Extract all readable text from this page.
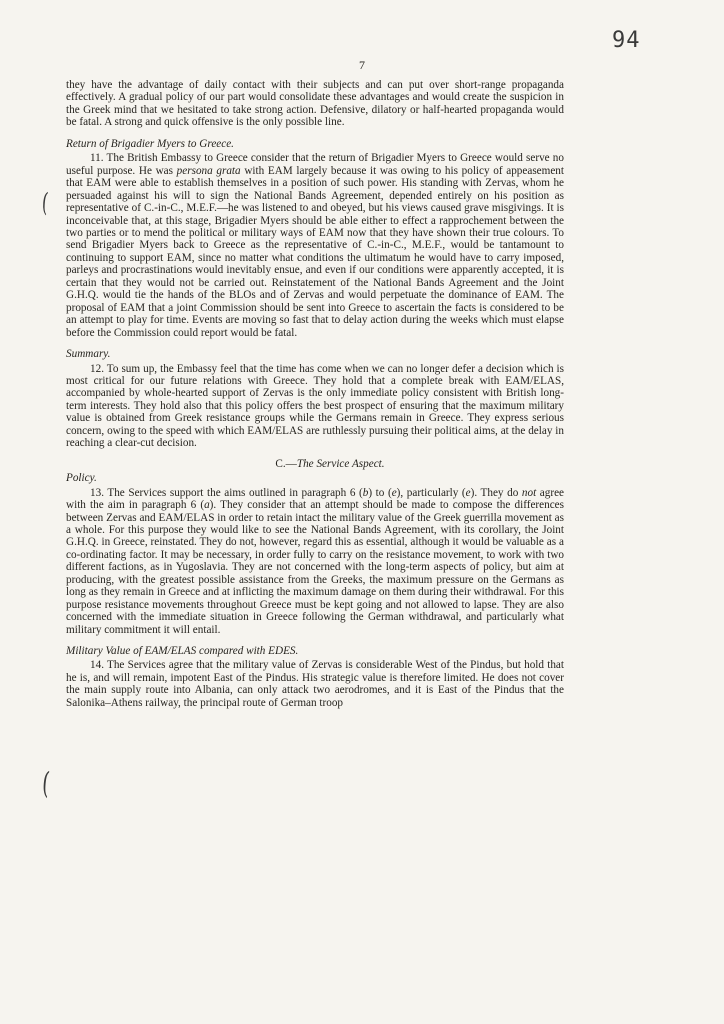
94
7
(
(

they have the advantage of daily contact with their subjects and can put over short-range propaganda effectively. A gradual policy of our part would consolidate these advantages and would create the suspicion in the Greek mind that we hesitated to take strong action. Defensive, dilatory or half-hearted propaganda would be fatal. A strong and quick offensive is the only possible line.

Return of Brigadier Myers to Greece.

11. The British Embassy to Greece consider that the return of Brigadier Myers to Greece would serve no useful purpose. He was persona grata with EAM largely because it was owing to his policy of appeasement that EAM were able to establish themselves in a position of such power. His standing with Zervas, whom he persuaded against his will to sign the National Bands Agreement, depended entirely on his position as representative of C.-in-C., M.E.F.—he was listened to and obeyed, but his views caused grave misgivings. It is inconceivable that, at this stage, Brigadier Myers should be able either to effect a rapprochement between the two parties or to mend the political or military ways of EAM now that they have shown their true colours. To send Brigadier Myers back to Greece as the representative of C.-in-C., M.E.F., would be tantamount to continuing to support EAM, since no matter what conditions the ultimatum he would have to carry imposed, parleys and procrastinations would inevitably ensue, and even if our conditions were apparently accepted, it is certain that they would not be carried out. Reinstatement of the National Bands Agreement and the Joint G.H.Q. would tie the hands of the BLOs and of Zervas and would perpetuate the dominance of EAM. The proposal of EAM that a joint Commission should be sent into Greece to ascertain the facts is considered to be an attempt to play for time. Events are moving so fast that to delay action during the weeks which must elapse before the Commission could report would be fatal.

Summary.

12. To sum up, the Embassy feel that the time has come when we can no longer defer a decision which is most critical for our future relations with Greece. They hold that a complete break with EAM/ELAS, accompanied by whole-hearted support of Zervas is the only immediate policy consistent with British long-term interests. They hold also that this policy offers the best prospect of ensuring that the maximum military value is obtained from Greek resistance groups while the Germans remain in Greece. They express serious concern, owing to the speed with which EAM/ELAS are ruthlessly pursuing their political aims, at the delay in reaching a clear-cut decision.

C.—The Service Aspect.

Policy.

13. The Services support the aims outlined in paragraph 6 (b) to (e), particularly (e). They do not agree with the aim in paragraph 6 (a). They consider that an attempt should be made to compose the differences between Zervas and EAM/ELAS in order to retain intact the military value of the Greek guerrilla movement as a whole. For this purpose they would like to see the National Bands Agreement, with its corollary, the Joint G.H.Q. in Greece, reinstated. They do not, however, regard this as essential, although it would be valuable as a co-ordinating factor. It may be necessary, in order fully to carry on the resistance movement, to work with two different factions, as in Yugoslavia. They are not concerned with the long-term aspects of policy, but aim at producing, with the greatest possible assistance from the Greeks, the maximum pressure on the Germans as long as they remain in Greece and at inflicting the maximum damage on them during their withdrawal. For this purpose resistance movements throughout Greece must be kept going and not allowed to lapse. They are also concerned with the immediate situation in Greece following the German withdrawal, and particularly what military commitment it will entail.

Military Value of EAM/ELAS compared with EDES.

14. The Services agree that the military value of Zervas is considerable West of the Pindus, but hold that he is, and will remain, impotent East of the Pindus. His strategic value is therefore limited. He does not cover the main supply route into Albania, can only attack two aerodromes, and it is East of the Pindus that the Salonika–Athens railway, the principal route of German troop
